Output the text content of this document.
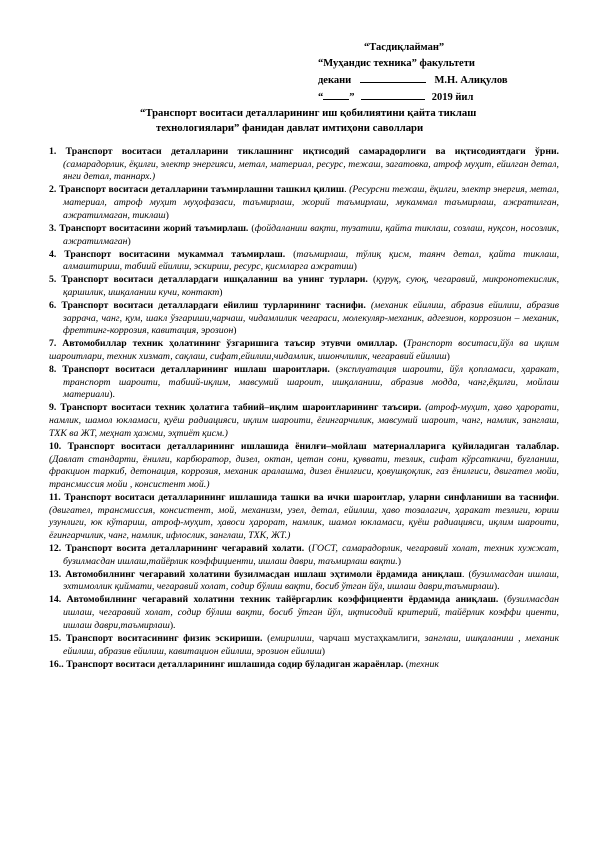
“Тасдиқлайман”
“Муҳандис техника” факультети
декани	М.Н. Алиқулов
“ ”	2019 йил
“Транспорт воситаси деталларининг иш қобилиятини қайта тиклаш
технологиялари” фанидан давлат имтиҳони саволлари
1. Транспорт воситаси деталларини тиклашнинг иқтисодий самарадорлиги ва иқтисодиятдаги ўрни. (самарадорлик, ёқилғи, электр энергияси, метал, материал, ресурс, тежаш, загатовка, атроф муҳит, ейилган детал, янги детал, таннарх.)
2. Транспорт воситаси деталларини таъмирлашни ташкил қилиш. (Ресурсни тежаш, ёқилғи, электр энергия, метал, материал, атроф муҳит муҳофазаси, таъмирлаш, жорий таъмирлаш, мукаммал таъмирлаш, ажратилган, ажратилмаган, тиклаш)
3. Транспорт воситасини жорий таъмирлаш. (фойдаланиш вақти, тузатиш, қайта тиклаш, созлаш, нуқсон, носозлик, ажратилмаган)
4. Транспорт воситасини мукаммал таъмирлаш. (таъмирлаш, тўлиқ қисм, таянч детал, қайта тиклаш, алмаштириш, табиий ейилиш, эскириш, ресурс, қисмларга ажратиш)
5. Транспорт воситаси деталлардаги ишқаланиш ва унинг турлари. (қуруқ, суюқ, чегаравий, микронотекислик, қаршилик, ишқаланиш кучи, контакт)
6. Транспорт воситаси деталлардаги ейилиш турларининг таснифи. (механик ейилиш, абразив ейилиш, абразив заррача, чанг, қум, шакл ўзгариши,чарчаш, чидамлилик чегараси, молекуляр-механик, адгезион, коррозион – механик, фреттинг-коррозия, кавитация, эрозион)
7. Автомобиллар техник ҳолатининг ўзгаришига таъсир этувчи омиллар. (Транспорт воситаси,йўл ва иқлим шароитлари, техник хизмат, сақлаш, сифат,ейилиш,чидамлик, ишончлилик, чегаравий ейилиш)
8. Транспорт воситаси деталларининг ишлаш шароитлари. (эксплуатация шароити, йўл қопламаси, ҳаракат, транспорт шароити, табиий-иқлим, мавсумий шароит, ишқаланиш, абразив модда, чанг,ёқилғи, мойлаш материали).
9. Транспорт воситаси техник ҳолатига табиий–иқлим шароитларининг таъсири. (атроф-муҳит, ҳаво ҳарорати, намлик, шамол юкламаси, қуёш радиацияси, иқлим шароити, ёғингарчилик, мавсумий шароит, чанг, намлик, занглаш, ТХК ва ЖТ, меҳнат ҳажми, эҳтиёт қисм.)
10. Транспорт воситаси деталларининг ишлашида ёнилғи–мойлаш материалларига қуйиладиган талаблар. (Давлат стандарти, ёнилғи, карбюратор, дизел, октан, цетан сони, қуввати, тезлик, сифат кўрсаткичи, буғланиш, фракцион таркиб, детонация, коррозия, механик аралашма, дизел ёнилғиси, қовушқоқлик, газ ёнилғиси, двигател мойи, трансмиссия мойи , консистент мой.)
11. Транспорт воситаси деталларининг ишлашида ташки ва ички шароитлар, уларни синфланиши ва таснифи.(двигател, трансмиссия, консистент, мой, механизм, узел, детал, ейилиш, ҳаво тозалагич, ҳаракат тезлиги, юриш узунлиги, юк кўтариш, атроф-муҳит, ҳавоси ҳарорат, намлик, шамол юкламаси, қуёш радиацияси, иқлим шароити, ёғингарчилик, чанг, намлик, ифлослик, занглаш, ТХК, ЖТ.)
12. Транспорт восита деталларининг чегаравий холати. (ГОСТ, самарадорлик, чегаравий холат, техник хужжат, бузилмасдан ишлаш,тайёрлик коэффициенти, ишлаш даври, таъмирлаш вақти.)
13. Автомобилнинг чегаравий холатини бузилмасдан ишлаш эҳтимоли ёрдамида аниқлаш. (бузилмасдан ишлаш, эхтимоллик қиймати, чегаравий холат, содир бўлиш вақти, босиб ўтган йўл, ишлаш даври,таъмирлаш).
14. Автомобилнинг чегаравий холатини техник тайёргарлик коэффициенти ёрдамида аниқлаш. (бузилмасдан ишлаш, чегаравий холат, содир бўлиш вақти, босиб ўтган йўл, иқтисодий критерий, тайёрлик коэффи циенти, ишлаш даври,таъмирлаш).
15. Транспорт воситасининг физик эскириши. (емирилиш, чарчаш мустаҳкамлиги, занглаш, ишқаланиш , механик ейилиш, абразив ейилиш, кавитацион ейилиш, эрозион ейилиш)
16.. Транспорт воситаси деталларининг ишлашида содир бўладиган жараёнлар. (техник
